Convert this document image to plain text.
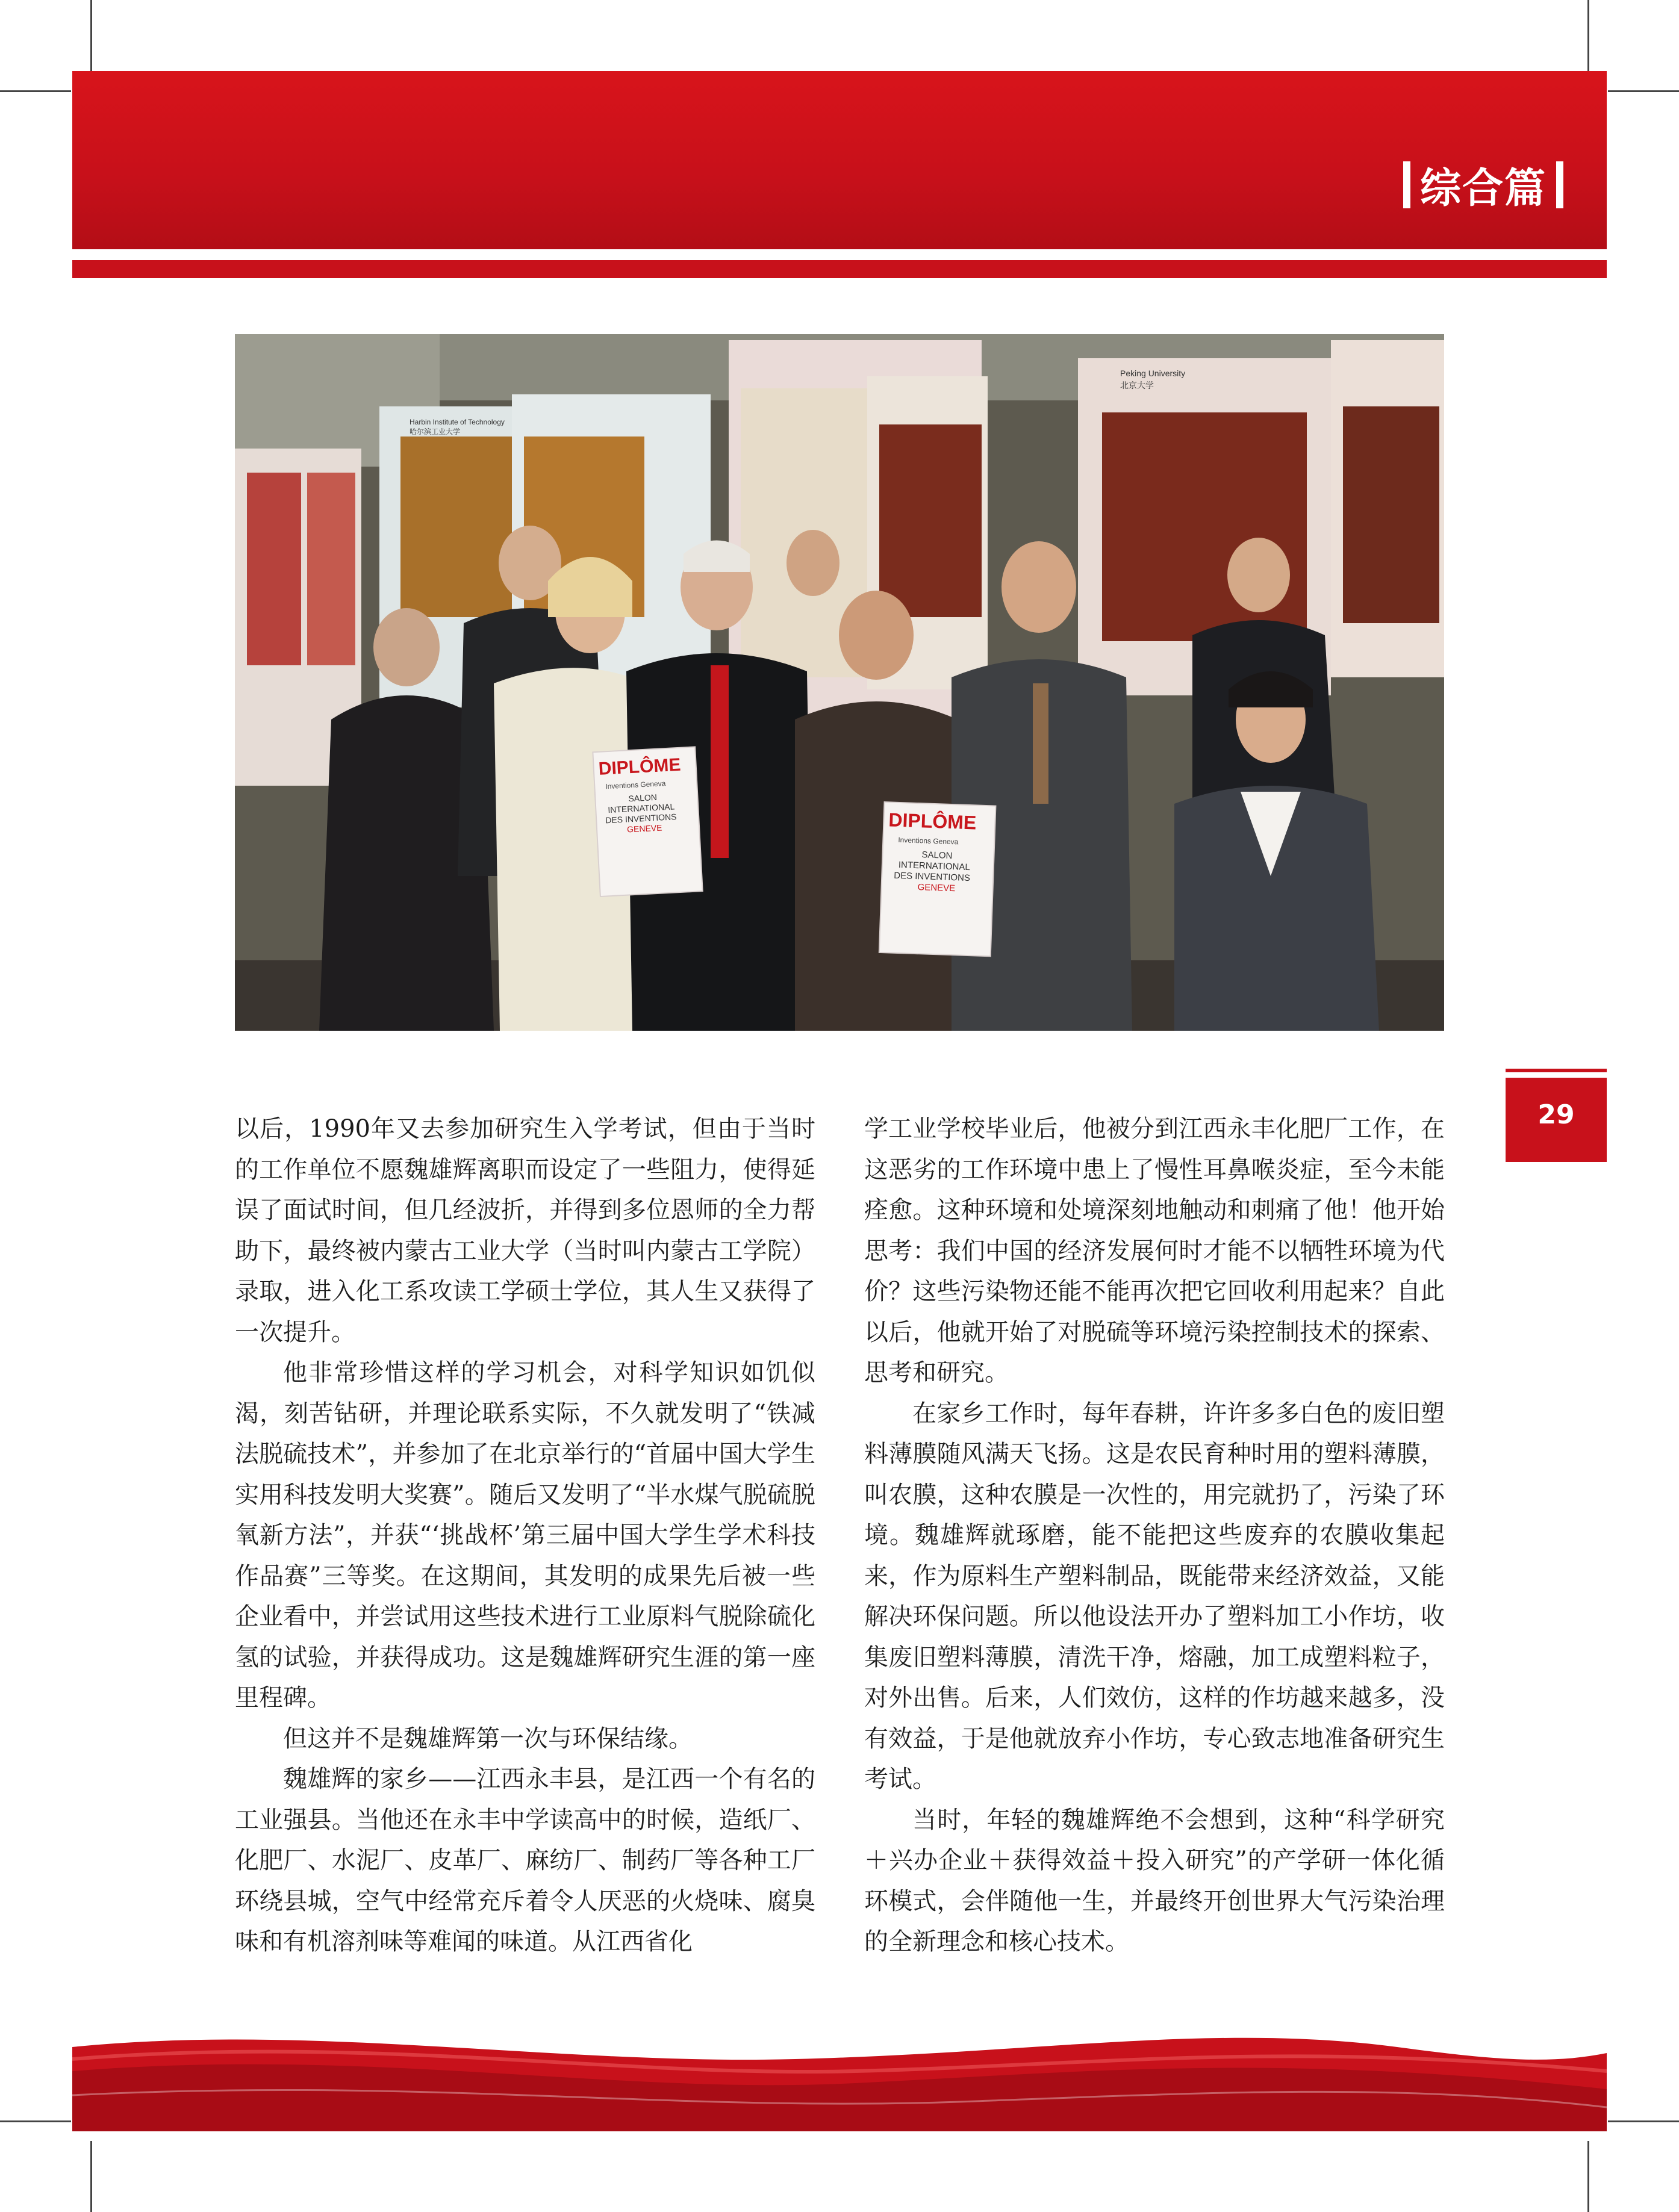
综合篇
Peking University
北京大学
Harbin Institute of Technology
哈尔滨工业大学
DIPLÔME
Inventions Geneva
SALON
INTERNATIONAL
DES INVENTIONS
GENEVE	DIPLÔME
Inventions Geneva
SALON
INTERNATIONAL
DES INVENTIONS
GENEVE
29

以后，1990年又去参加研究生入学考试，但由于当时的工作单位不愿魏雄辉离职而设定了一些阻力，使得延误了面试时间，但几经波折，并得到多位恩师的全力帮助下，最终被内蒙古工业大学（当时叫内蒙古工学院）录取，进入化工系攻读工学硕士学位，其人生又获得了一次提升。

他非常珍惜这样的学习机会，对科学知识如饥似渴，刻苦钻研，并理论联系实际，不久就发明了“铁减法脱硫技术”，并参加了在北京举行的“首届中国大学生实用科技发明大奖赛”。随后又发明了“半水煤气脱硫脱氧新方法”，并获“‘挑战杯’第三届中国大学生学术科技作品赛”三等奖。在这期间，其发明的成果先后被一些企业看中，并尝试用这些技术进行工业原料气脱除硫化氢的试验，并获得成功。这是魏雄辉研究生涯的第一座里程碑。

但这并不是魏雄辉第一次与环保结缘。

魏雄辉的家乡——江西永丰县，是江西一个有名的工业强县。当他还在永丰中学读高中的时候，造纸厂、化肥厂、水泥厂、皮革厂、麻纺厂、制药厂等各种工厂环绕县城，空气中经常充斥着令人厌恶的火烧味、腐臭味和有机溶剂味等难闻的味道。从江西省化

学工业学校毕业后，他被分到江西永丰化肥厂工作，在这恶劣的工作环境中患上了慢性耳鼻喉炎症，至今未能痊愈。这种环境和处境深刻地触动和刺痛了他！他开始思考：我们中国的经济发展何时才能不以牺牲环境为代价？这些污染物还能不能再次把它回收利用起来？自此以后，他就开始了对脱硫等环境污染控制技术的探索、思考和研究。

在家乡工作时，每年春耕，许许多多白色的废旧塑料薄膜随风满天飞扬。这是农民育种时用的塑料薄膜，叫农膜，这种农膜是一次性的，用完就扔了，污染了环境。魏雄辉就琢磨，能不能把这些废弃的农膜收集起来，作为原料生产塑料制品，既能带来经济效益，又能解决环保问题。所以他设法开办了塑料加工小作坊，收集废旧塑料薄膜，清洗干净，熔融，加工成塑料粒子，对外出售。后来，人们效仿，这样的作坊越来越多，没有效益，于是他就放弃小作坊，专心致志地准备研究生考试。

当时，年轻的魏雄辉绝不会想到，这种“科学研究＋兴办企业＋获得效益＋投入研究”的产学研一体化循环模式，会伴随他一生，并最终开创世界大气污染治理的全新理念和核心技术。
